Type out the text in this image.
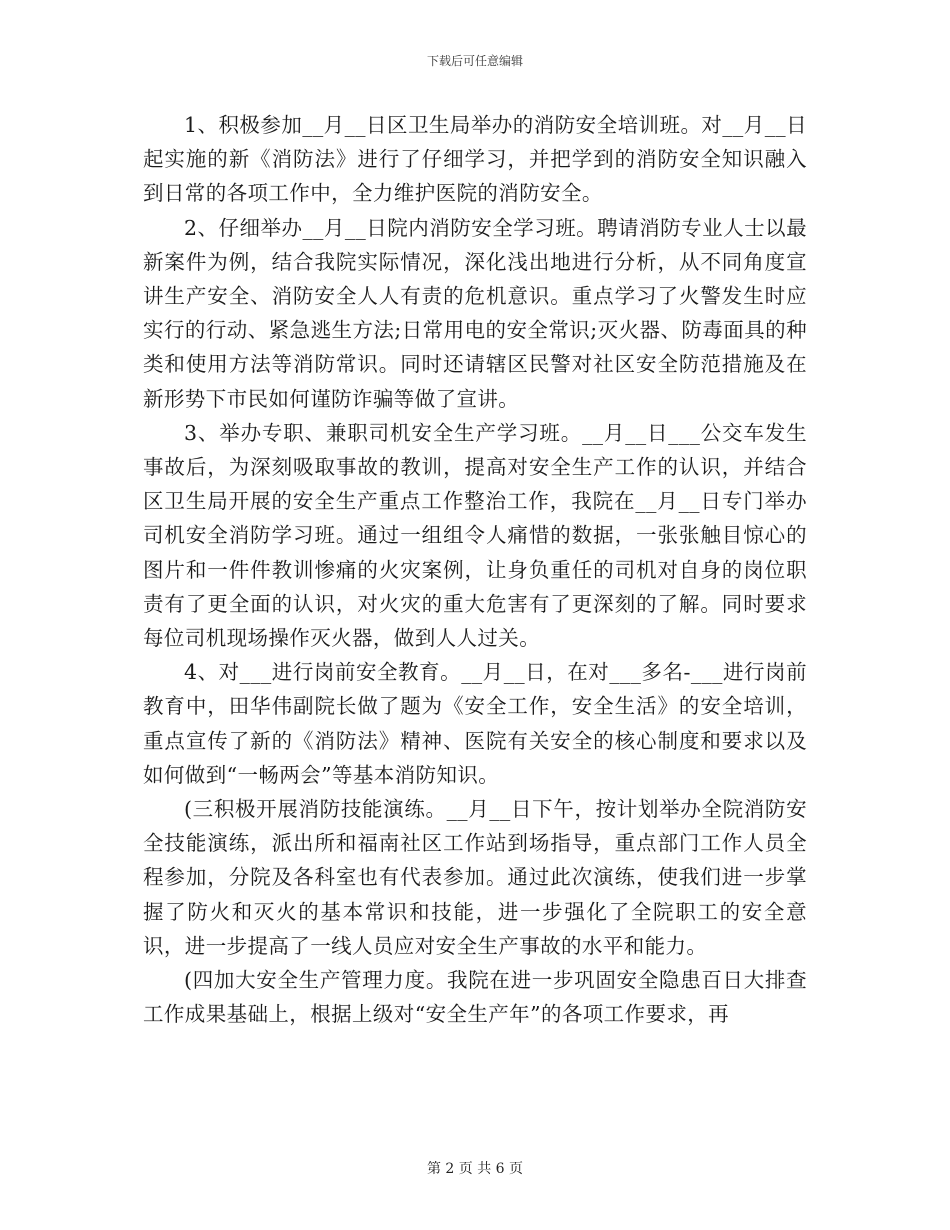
下载后可任意编辑

1、积极参加__月__日区卫生局举办的消防安全培训班。对__月__日起实施的新《消防法》进行了仔细学习，并把学到的消防安全知识融入到日常的各项工作中，全力维护医院的消防安全。

2、仔细举办__月__日院内消防安全学习班。聘请消防专业人士以最新案件为例，结合我院实际情况，深化浅出地进行分析，从不同角度宣讲生产安全、消防安全人人有责的危机意识。重点学习了火警发生时应实行的行动、紧急逃生方法;日常用电的安全常识;灭火器、防毒面具的种类和使用方法等消防常识。同时还请辖区民警对社区安全防范措施及在新形势下市民如何谨防诈骗等做了宣讲。

3、举办专职、兼职司机安全生产学习班。__月__日___公交车发生事故后，为深刻吸取事故的教训，提高对安全生产工作的认识，并结合区卫生局开展的安全生产重点工作整治工作，我院在__月__日专门举办司机安全消防学习班。通过一组组令人痛惜的数据，一张张触目惊心的图片和一件件教训惨痛的火灾案例，让身负重任的司机对自身的岗位职责有了更全面的认识，对火灾的重大危害有了更深刻的了解。同时要求每位司机现场操作灭火器，做到人人过关。

4、对___进行岗前安全教育。__月__日，在对___多名-___进行岗前教育中，田华伟副院长做了题为《安全工作，安全生活》的安全培训，重点宣传了新的《消防法》精神、医院有关安全的核心制度和要求以及如何做到“一畅两会”等基本消防知识。

(三积极开展消防技能演练。__月__日下午，按计划举办全院消防安全技能演练，派出所和福南社区工作站到场指导，重点部门工作人员全程参加，分院及各科室也有代表参加。通过此次演练，使我们进一步掌握了防火和灭火的基本常识和技能，进一步强化了全院职工的安全意识，进一步提高了一线人员应对安全生产事故的水平和能力。

(四加大安全生产管理力度。我院在进一步巩固安全隐患百日大排查工作成果基础上，根据上级对“安全生产年”的各项工作要求，再

第 2 页 共 6 页
